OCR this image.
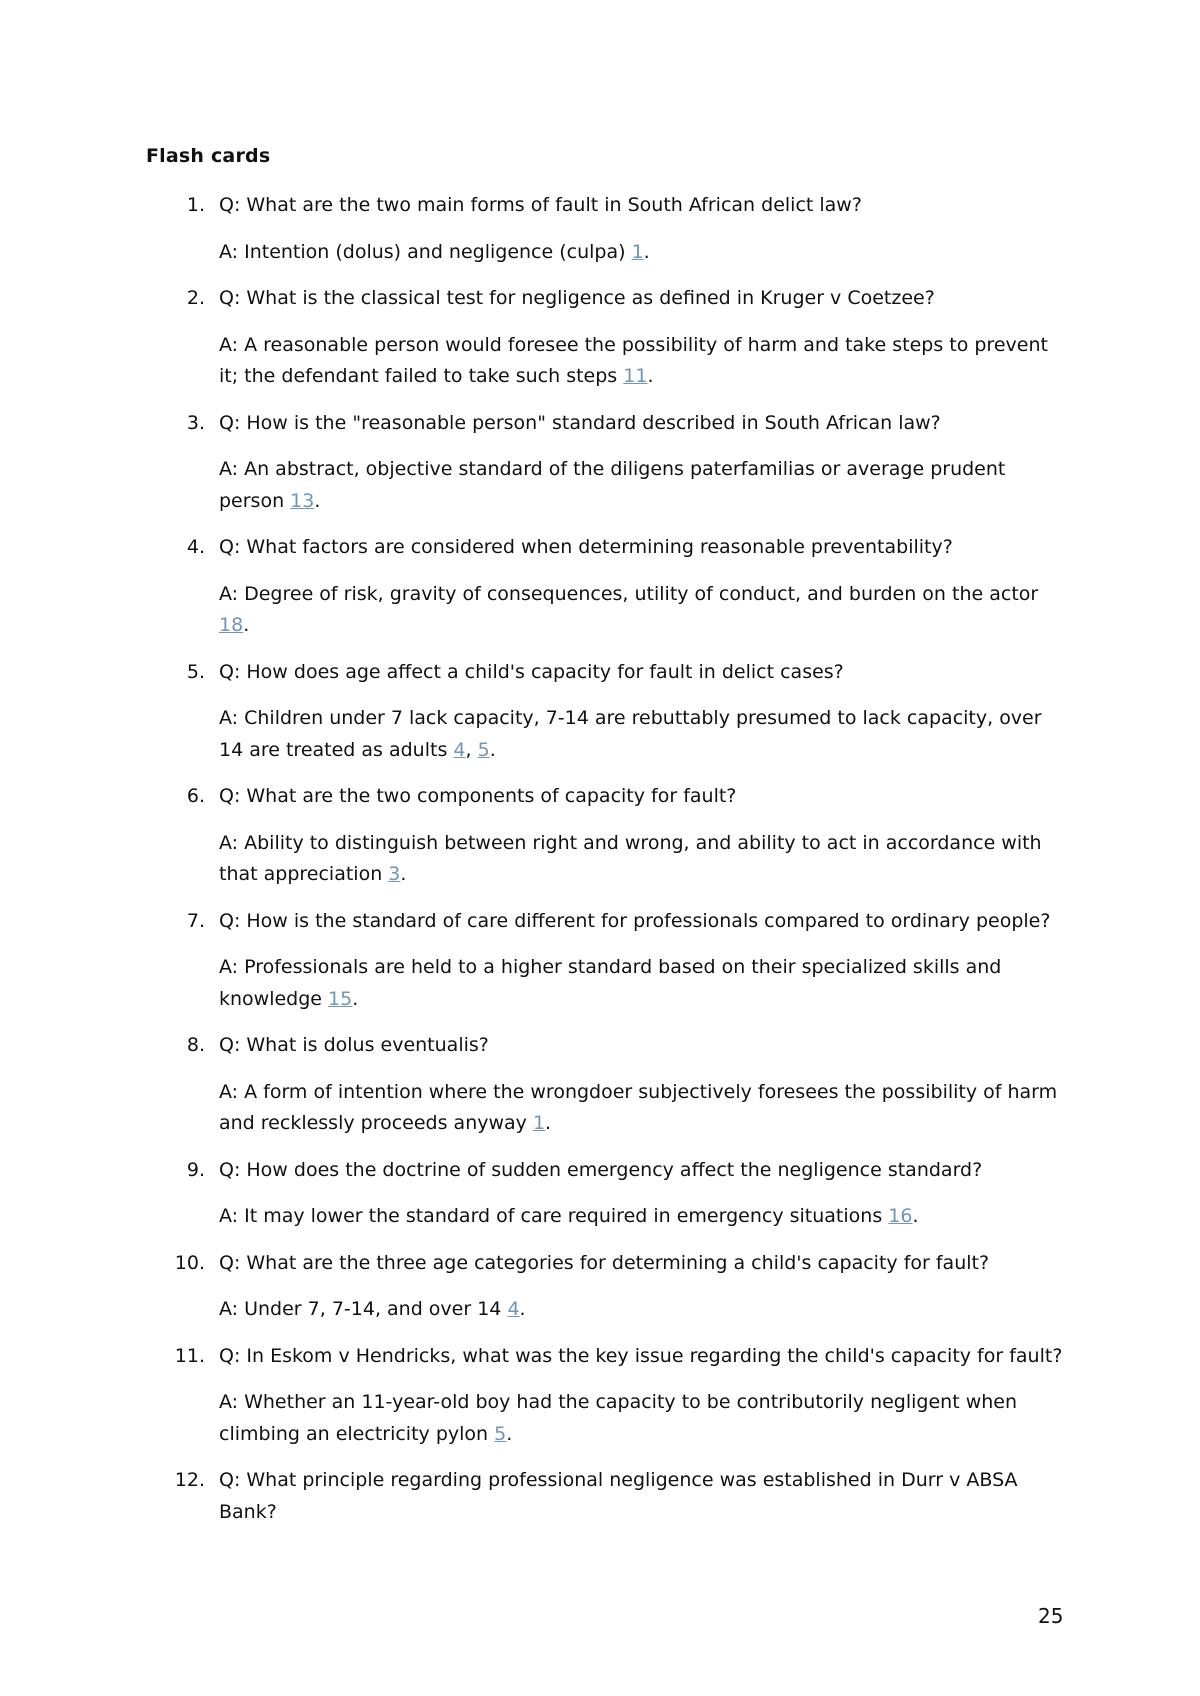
Flash cards
1. Q: What are the two main forms of fault in South African delict law?

A: Intention (dolus) and negligence (culpa) 1.

2. Q: What is the classical test for negligence as defined in Kruger v Coetzee?

A: A reasonable person would foresee the possibility of harm and take steps to prevent it; the defendant failed to take such steps 11.

3. Q: How is the "reasonable person" standard described in South African law?

A: An abstract, objective standard of the diligens paterfamilias or average prudent person 13.

4. Q: What factors are considered when determining reasonable preventability?

A: Degree of risk, gravity of consequences, utility of conduct, and burden on the actor 18.

5. Q: How does age affect a child's capacity for fault in delict cases?

A: Children under 7 lack capacity, 7-14 are rebuttably presumed to lack capacity, over 14 are treated as adults 4, 5.

6. Q: What are the two components of capacity for fault?

A: Ability to distinguish between right and wrong, and ability to act in accordance with that appreciation 3.

7. Q: How is the standard of care different for professionals compared to ordinary people?

A: Professionals are held to a higher standard based on their specialized skills and knowledge 15.

8. Q: What is dolus eventualis?

A: A form of intention where the wrongdoer subjectively foresees the possibility of harm and recklessly proceeds anyway 1.

9. Q: How does the doctrine of sudden emergency affect the negligence standard?

A: It may lower the standard of care required in emergency situations 16.

10. Q: What are the three age categories for determining a child's capacity for fault?

A: Under 7, 7-14, and over 14 4.

11. Q: In Eskom v Hendricks, what was the key issue regarding the child's capacity for fault?

A: Whether an 11-year-old boy had the capacity to be contributorily negligent when climbing an electricity pylon 5.

12. Q: What principle regarding professional negligence was established in Durr v ABSA Bank?

25
